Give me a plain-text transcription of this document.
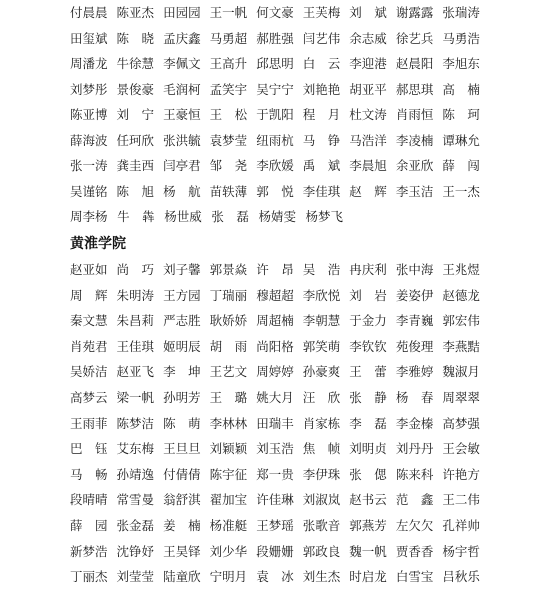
付晨晨 陈亚杰 田园园 王一帆 何文豪 王芙梅 刘　斌 谢露露 张瑞涛
田玺斌 陈　晓 孟庆鑫 马勇超 郝胜强 闫艺伟 余志威 徐艺兵 马勇浩
周潘龙 牛徐慧 李佩文 王高升 邱思明 白　云 李迎港 赵晨阳 李旭东
刘梦彤 景俊豪 毛润柯 孟笑宇 吴宁宁 刘艳艳 胡亚平 郝思琪 高　楠
陈亚博 刘　宁 王豪恒 王　松 于凯阳 程　月 杜文涛 肖雨恒 陈　珂
薛海波 任珂欣 张洪毓 袁梦莹 纽雨杭 马　铮 马浩洋 李凌楠 谭琳允
张一涛 龚圭西 闫亭君 邹　尧 李欣媛 禹　斌 李晨旭 余亚欣 薛　闯
吴谨铭 陈　旭 杨　航 苗轶薄 郭　悦 李佳琪 赵　辉 李玉洁 王一杰
周李杨 牛　犇 杨世威 张　磊 杨婧雯 杨梦飞
黄淮学院
赵亚如 尚　巧 刘子馨 郭景焱 许　昂 吴　浩 冉庆利 张中海 王兆煜
周　辉 朱明涛 王方园 丁瑞丽 穆超超 李欣悦 刘　岩 姜姿伊 赵德龙
秦文慧 朱昌莉 严志胜 耿娇娇 周超楠 李朝慧 于金力 李青巍 郭宏伟
肖苑君 王佳琪 姬明辰 胡　雨 尚阳格 郭笑萌 李钦钦 苑俊理 李燕黠
吴娇洁 赵亚飞 李　坤 王艺文 周婷婷 孙豪爽 王　蕾 李雅婷 魏淑月
高梦云 梁一帆 孙明芳 王　璐 姚大月 汪　欣 张　静 杨　春 周翠翠
王雨菲 陈梦洁 陈　萌 李林林 田瑞丰 肖家栋 李　磊 李金榛 高梦强
巴　钰 艾东梅 王旦旦 刘颖颖 刘玉浩 焦　帧 刘明贞 刘丹丹 王会敏
马　畅 孙靖逸 付倩倩 陈宇征 郑一贵 李伊珠 张　偲 陈来科 许艳方
段晴晴 常雪曼 翁舒淇 翟加宝 许佳琳 刘淑岚 赵书云 范　鑫 王二伟
薛　园 张金磊 姜　楠 杨准艇 王梦瑶 张歌音 郭燕芳 左欠欠 孔祥帅
新梦浩 沈铮妤 王昊铎 刘少华 段姗姗 郭政良 魏一帆 贾香香 杨宇哲
丁丽杰 刘莹莹 陆童欣 宁明月 袁　冰 刘生杰 时启龙 白雪宝 吕秋乐
